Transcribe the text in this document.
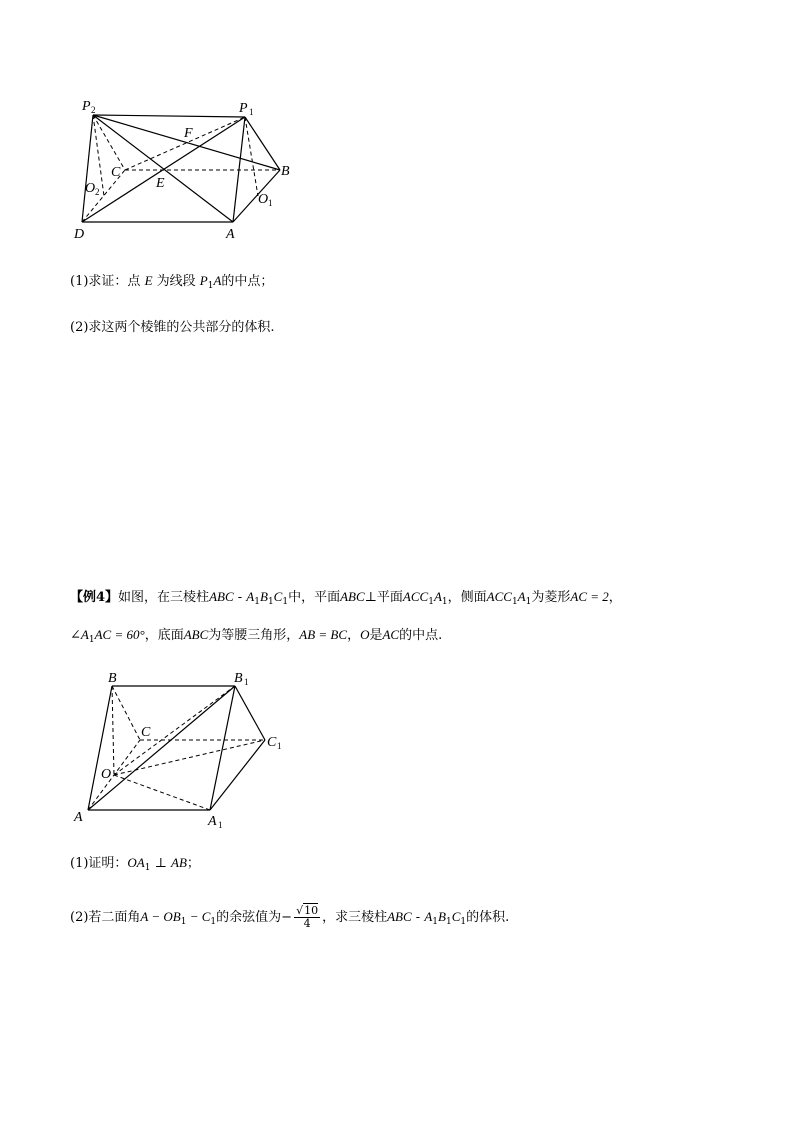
P 2	P 1
F
C
O 2
E
B
O 1
D	A
(1)求证：点 E 为线段 $P_1A$的中点；
(2)求这两个棱锥的公共部分的体积.
【例4】如图，在三棱柱ABC - $A_1B_1C_1$中，平面ABC⊥平面$ACC_1A_1$，侧面$ACC_1A_1$为菱形AC = 2，
$\angle A_1AC = 60^\circ$，底面ABC为等腰三角形，AB = BC，O是AC的中点.
B	B 1
C
C 1
O
A	A 1
(1)证明：$OA_1$ ⊥ AB；
(2)若二面角$A - OB_1 - C_1$的余弦值为− $\frac{√10}{4}$ ，求三棱柱ABC - $A_1B_1C_1$的体积.
